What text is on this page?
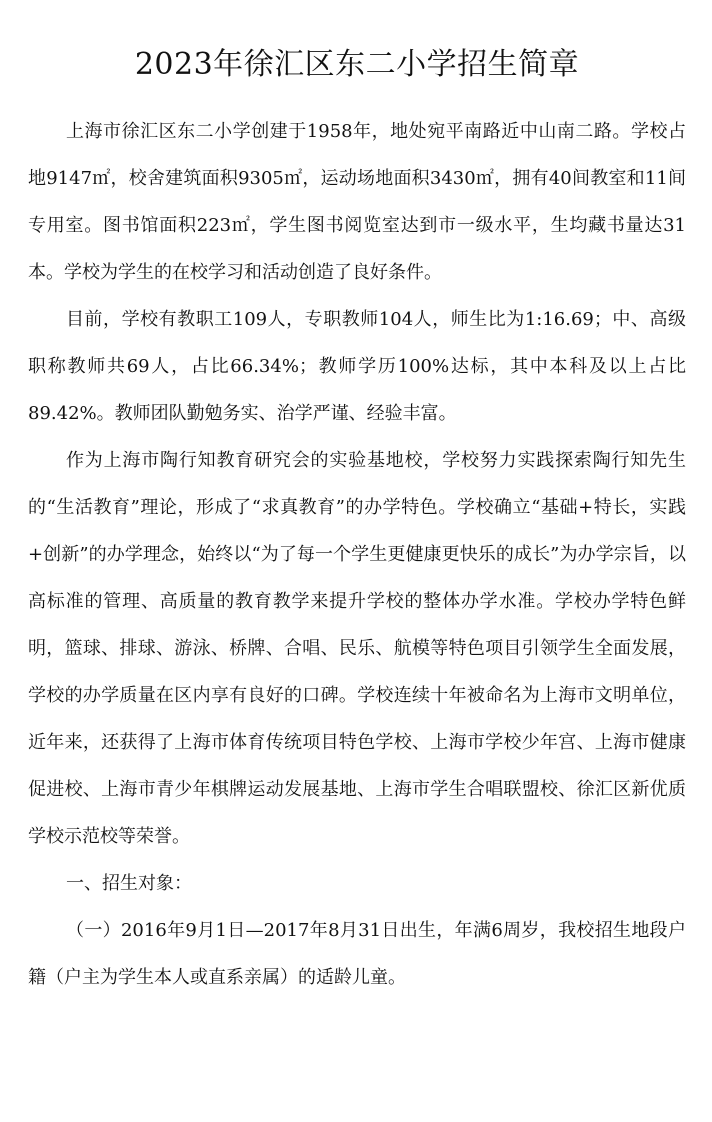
2023年徐汇区东二小学招生简章

上海市徐汇区东二小学创建于1958年，地处宛平南路近中山南二路。学校占地9147㎡，校舍建筑面积9305㎡，运动场地面积3430㎡，拥有40间教室和11间专用室。图书馆面积223㎡，学生图书阅览室达到市一级水平，生均藏书量达31本。学校为学生的在校学习和活动创造了良好条件。

目前，学校有教职工109人，专职教师104人，师生比为1:16.69；中、高级职称教师共69人，占比66.34%；教师学历100%达标，其中本科及以上占比89.42%。教师团队勤勉务实、治学严谨、经验丰富。

作为上海市陶行知教育研究会的实验基地校，学校努力实践探索陶行知先生的“生活教育”理论，形成了“求真教育”的办学特色。学校确立“基础+特长，实践+创新”的办学理念，始终以“为了每一个学生更健康更快乐的成长”为办学宗旨，以高标准的管理、高质量的教育教学来提升学校的整体办学水准。学校办学特色鲜明，篮球、排球、游泳、桥牌、合唱、民乐、航模等特色项目引领学生全面发展，学校的办学质量在区内享有良好的口碑。学校连续十年被命名为上海市文明单位，近年来，还获得了上海市体育传统项目特色学校、上海市学校少年宫、上海市健康促进校、上海市青少年棋牌运动发展基地、上海市学生合唱联盟校、徐汇区新优质学校示范校等荣誉。

一、招生对象：

（一）2016年9月1日—2017年8月31日出生，年满6周岁，我校招生地段户籍（户主为学生本人或直系亲属）的适龄儿童。
